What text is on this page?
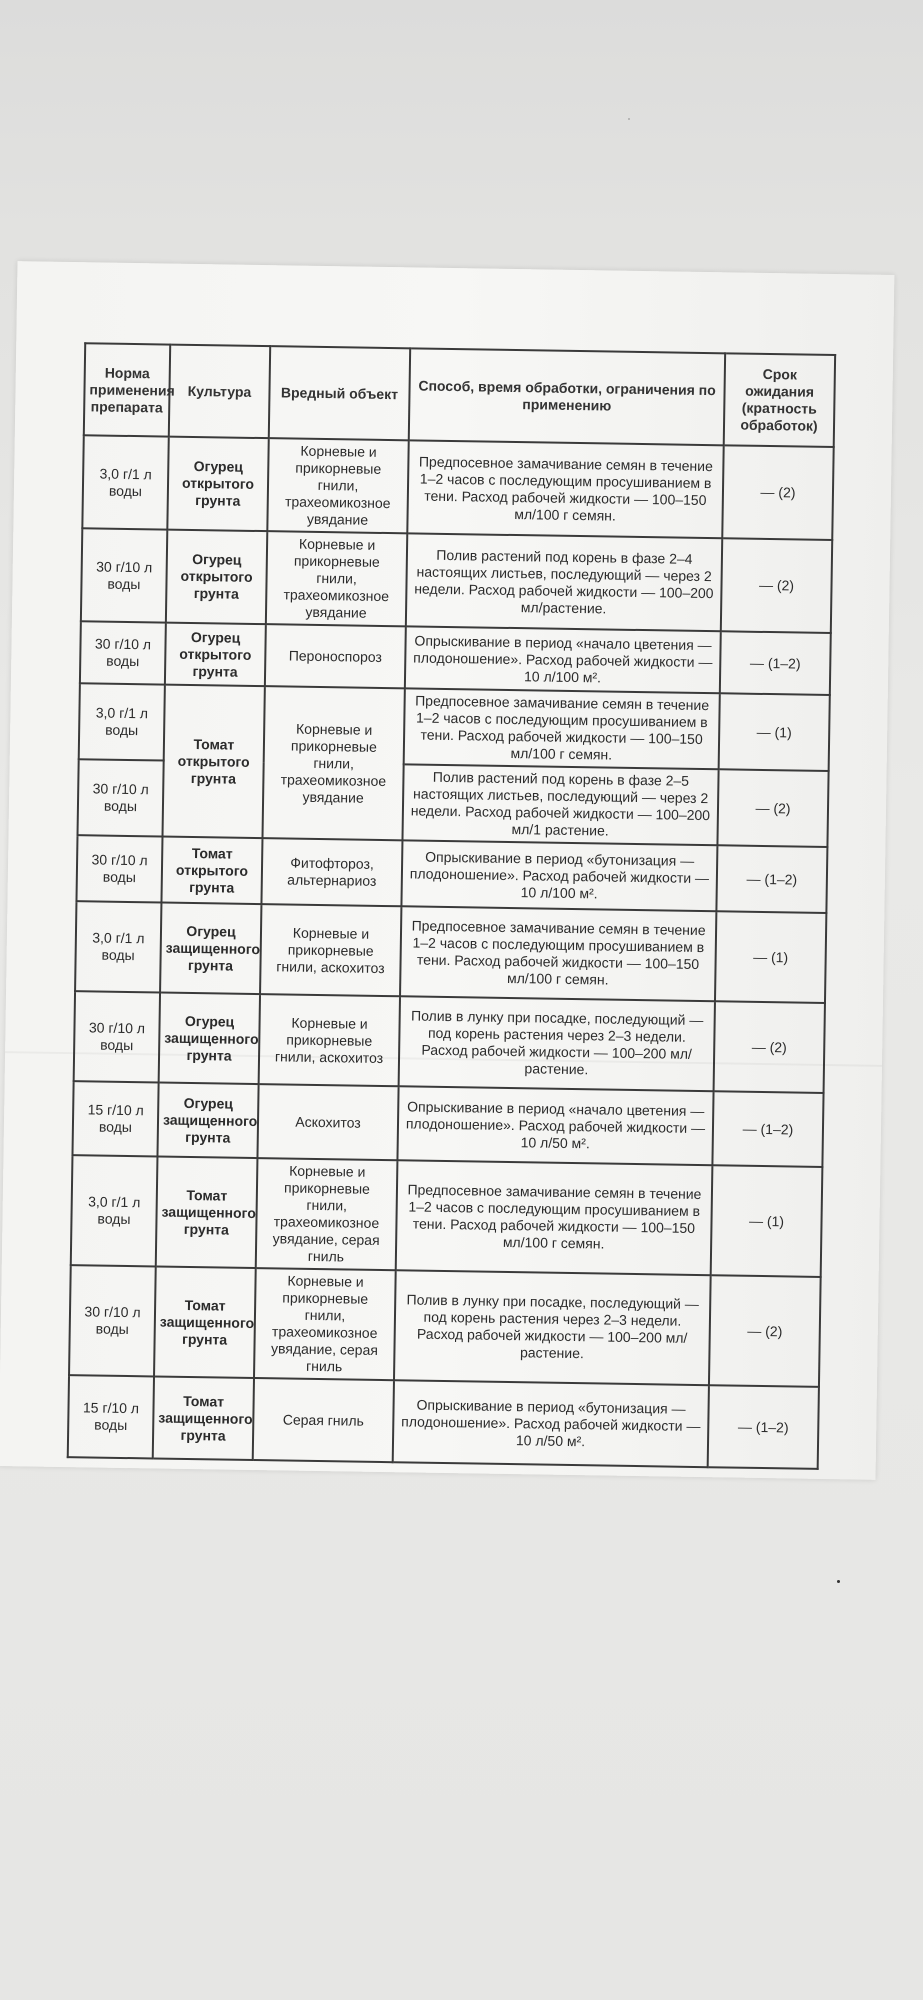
Норма применения препарата	Культура	Вредный объект	Способ, время обработки, ограничения по применению	Срок ожидания (кратность обработок)
3,0 г/1 л воды	Огурец открытого грунта	Корневые и прикорневые гнили, трахеомикозное увядание	Предпосевное замачивание семян в течение 1–2 часов с последующим просушиванием в тени. Расход рабочей жидкости — 100–150 мл/100 г семян.	— (2)
30 г/10 л воды	Огурец открытого грунта	Корневые и прикорневые гнили, трахеомикозное увядание	Полив растений под корень в фазе 2–4 настоящих листьев, последующий — через 2 недели. Расход рабочей жидкости — 100–200 мл/растение.	— (2)
30 г/10 л воды	Огурец открытого грунта	Пероноспороз	Опрыскивание в период «начало цветения — плодоношение». Расход рабочей жидкости — 10 л/100 м².	— (1–2)
3,0 г/1 л воды	Томат открытого грунта	Корневые и прикорневые гнили, трахеомикозное увядание	Предпосевное замачивание семян в течение 1–2 часов с последующим просушиванием в тени. Расход рабочей жидкости — 100–150 мл/100 г семян.	— (1)
30 г/10 л воды			Полив растений под корень в фазе 2–5 настоящих листьев, последующий — через 2 недели. Расход рабочей жидкости — 100–200 мл/1 растение.	— (2)
30 г/10 л воды	Томат открытого грунта	Фитофтороз, альтернариоз	Опрыскивание в период «бутонизация — плодоношение». Расход рабочей жидкости — 10 л/100 м².	— (1–2)
3,0 г/1 л воды	Огурец защищенного грунта	Корневые и прикорневые гнили, аскохитоз	Предпосевное замачивание семян в течение 1–2 часов с последующим просушиванием в тени. Расход рабочей жидкости — 100–150 мл/100 г семян.	— (1)
30 г/10 л воды	Огурец защищенного грунта	Корневые и прикорневые гнили, аскохитоз	Полив в лунку при посадке, последующий — под корень растения через 2–3 недели. Расход рабочей жидкости — 100–200 мл/растение.	— (2)
15 г/10 л воды	Огурец защищенного грунта	Аскохитоз	Опрыскивание в период «начало цветения — плодоношение». Расход рабочей жидкости — 10 л/50 м².	— (1–2)
3,0 г/1 л воды	Томат защищенного грунта	Корневые и прикорневые гнили, трахеомикозное увядание, серая гниль	Предпосевное замачивание семян в течение 1–2 часов с последующим просушиванием в тени. Расход рабочей жидкости — 100–150 мл/100 г семян.	— (1)
30 г/10 л воды	Томат защищенного грунта	Корневые и прикорневые гнили, трахеомикозное увядание, серая гниль	Полив в лунку при посадке, последующий — под корень растения через 2–3 недели. Расход рабочей жидкости — 100–200 мл/растение.	— (2)
15 г/10 л воды	Томат защищенного грунта	Серая гниль	Опрыскивание в период «бутонизация — плодоношение». Расход рабочей жидкости — 10 л/50 м².	— (1–2)
